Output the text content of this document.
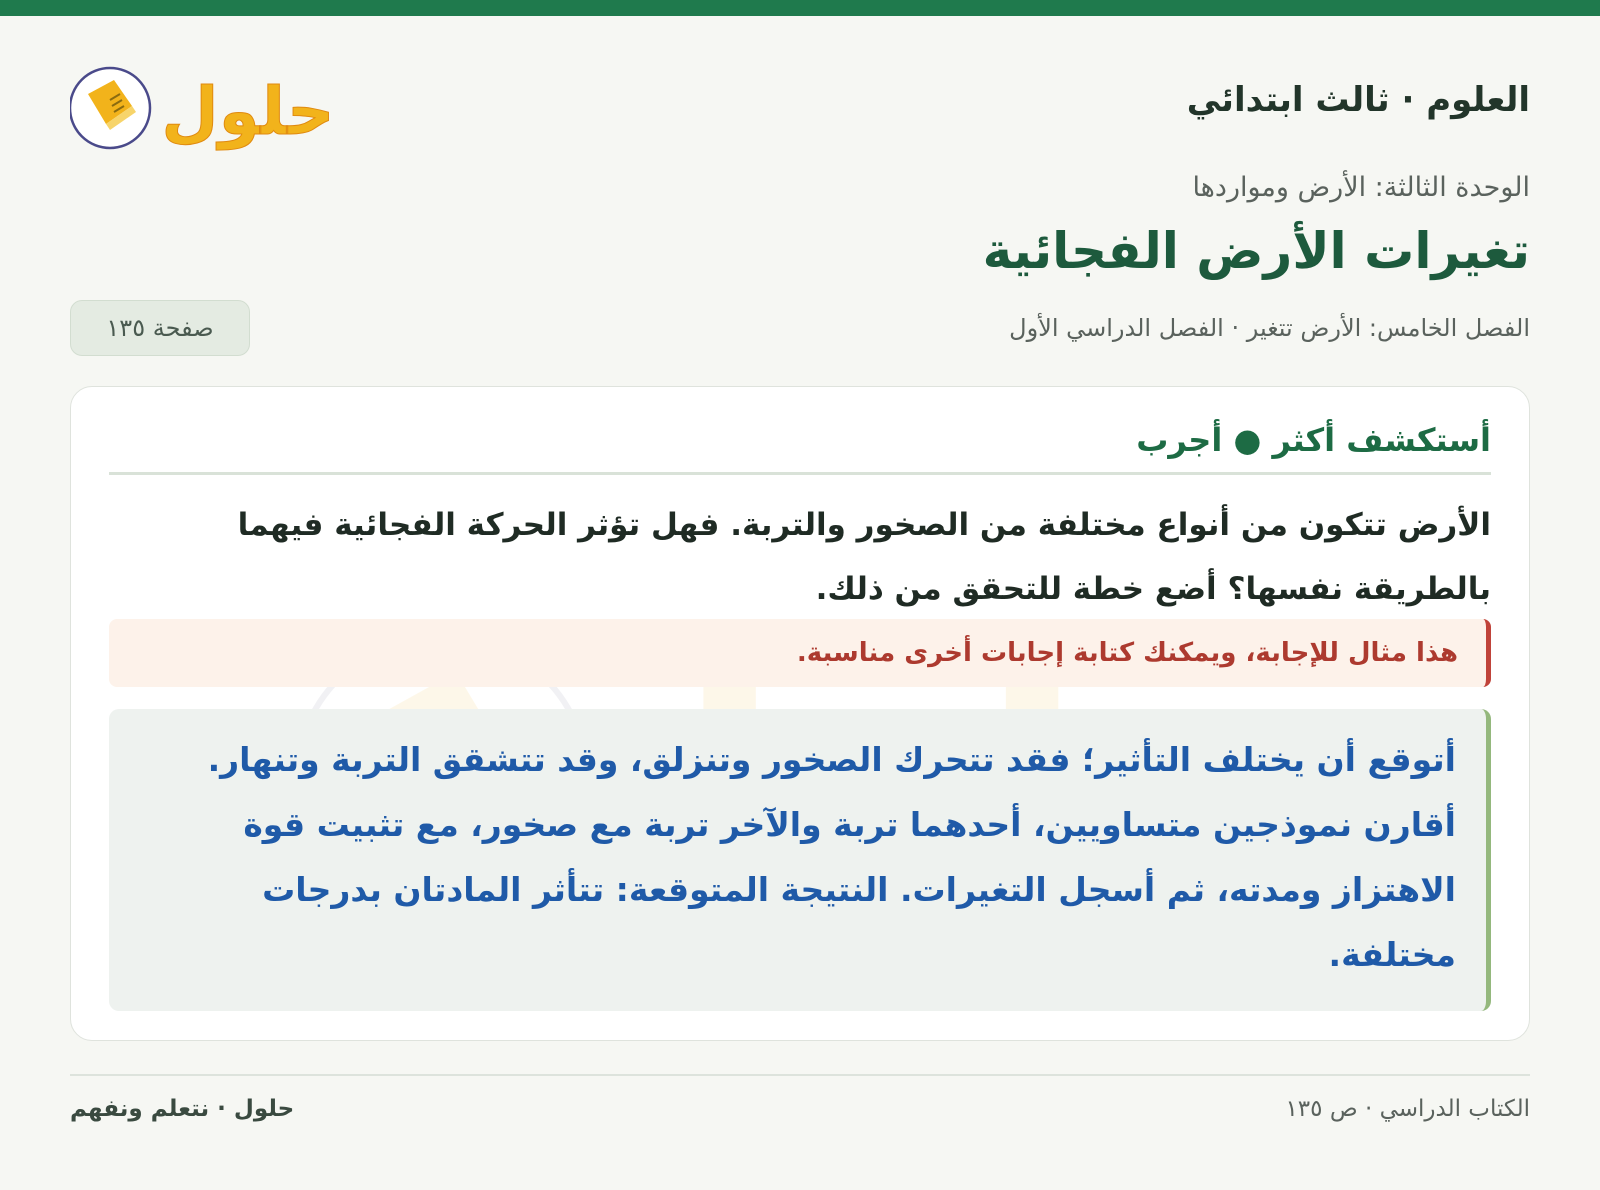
العلوم · ثالث ابتدائي
حلول
الوحدة الثالثة: الأرض ومواردها
تغيرات الأرض الفجائية
الفصل الخامس: الأرض تتغير · الفصل الدراسي الأول
صفحة ١٣٥
أستكشف أكثر ● أجرب
الأرض تتكون من أنواع مختلفة من الصخور والتربة. فهل تؤثر الحركة الفجائية فيهما بالطريقة نفسها؟ أضع خطة للتحقق من ذلك.
هذا مثال للإجابة، ويمكنك كتابة إجابات أخرى مناسبة.
أتوقع أن يختلف التأثير؛ فقد تتحرك الصخور وتنزلق، وقد تتشقق التربة وتنهار. أقارن نموذجين متساويين، أحدهما تربة والآخر تربة مع صخور، مع تثبيت قوة الاهتزاز ومدته، ثم أسجل التغيرات. النتيجة المتوقعة: تتأثر المادتان بدرجات مختلفة.
الكتاب الدراسي · ص ١٣٥
حلول · نتعلم ونفهم
